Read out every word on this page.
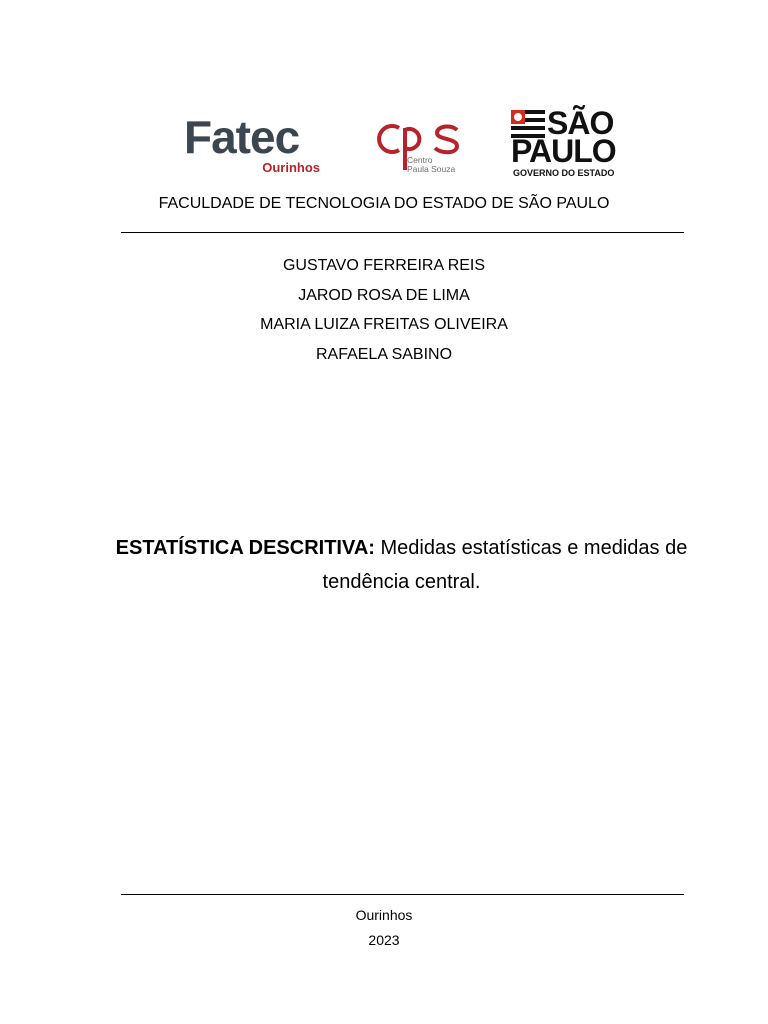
Fatec
Ourinhos	Centro
Paula Souza
SÃO
PAULO
GOVERNO DO ESTADO
FACULDADE DE TECNOLOGIA DO ESTADO DE SÃO PAULO
GUSTAVO FERREIRA REIS
JAROD ROSA DE LIMA
MARIA LUIZA FREITAS OLIVEIRA
RAFAELA SABINO
ESTATÍSTICA DESCRITIVA: Medidas estatísticas e medidas de tendência central.
Ourinhos
2023
